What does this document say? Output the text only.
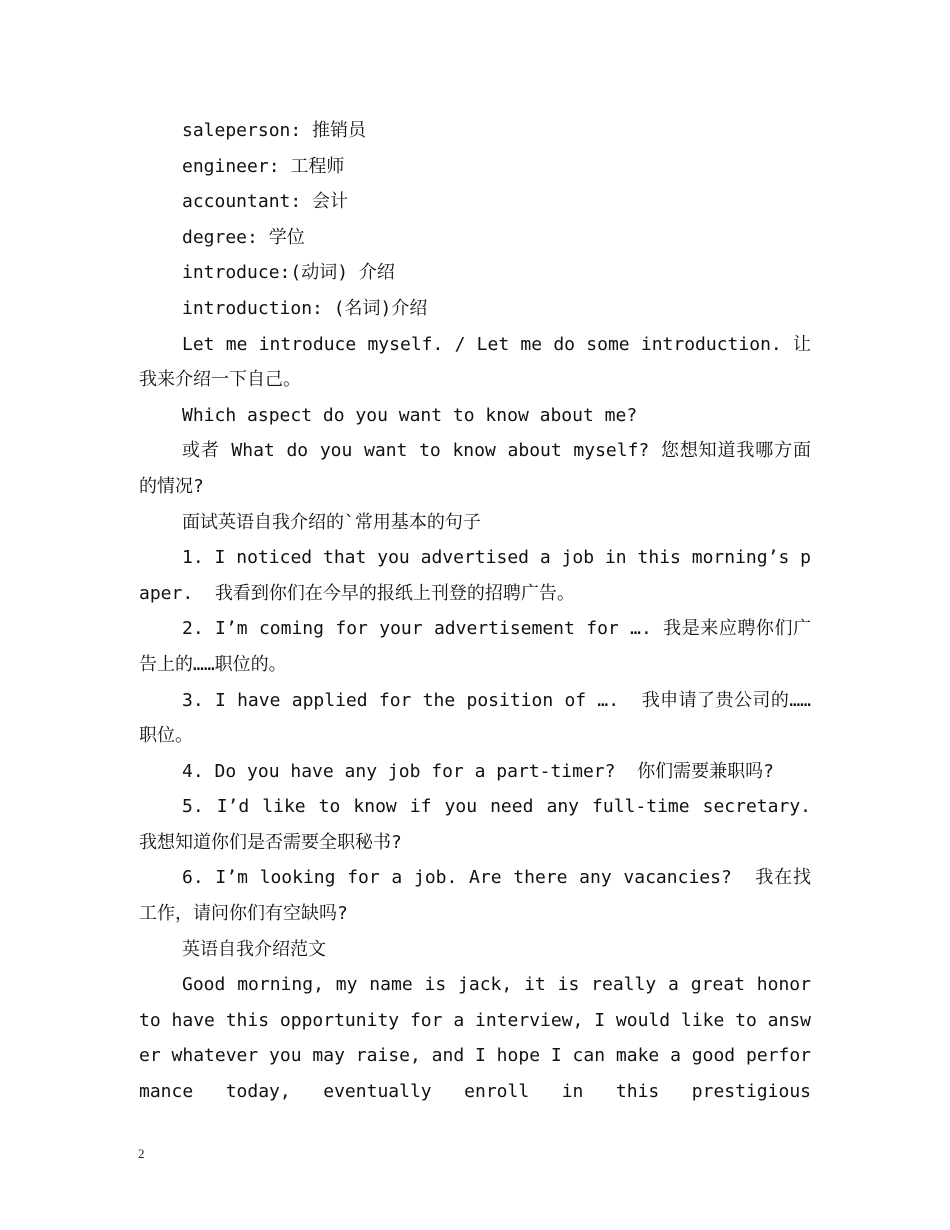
saleperson: 推销员

engineer: 工程师

accountant: 会计

degree: 学位

introduce:(动词) 介绍

introduction: (名词)介绍

Let me introduce myself. / Let me do some introduction. 让我来介绍一下自己。

Which aspect do you want to know about me?

或者 What do you want to know about myself? 您想知道我哪方面的情况?

面试英语自我介绍的`常用基本的句子

1. I noticed that you advertised a job in this morning’s paper.  我看到你们在今早的报纸上刊登的招聘广告。

2. I’m coming for your advertisement for …. 我是来应聘你们广告上的……职位的。

3. I have applied for the position of ….  我申请了贵公司的……职位。

4. Do you have any job for a part-timer?  你们需要兼职吗?

5. I’d like to know if you need any full-time secretary. 我想知道你们是否需要全职秘书?

6. I’m looking for a job. Are there any vacancies?  我在找工作，请问你们有空缺吗?

英语自我介绍范文

Good morning, my name is jack, it is really a great honor to have this opportunity for a interview, I would like to answer whatever you may raise, and I hope I can make a good performance today, eventually enroll in this prestigious

2
